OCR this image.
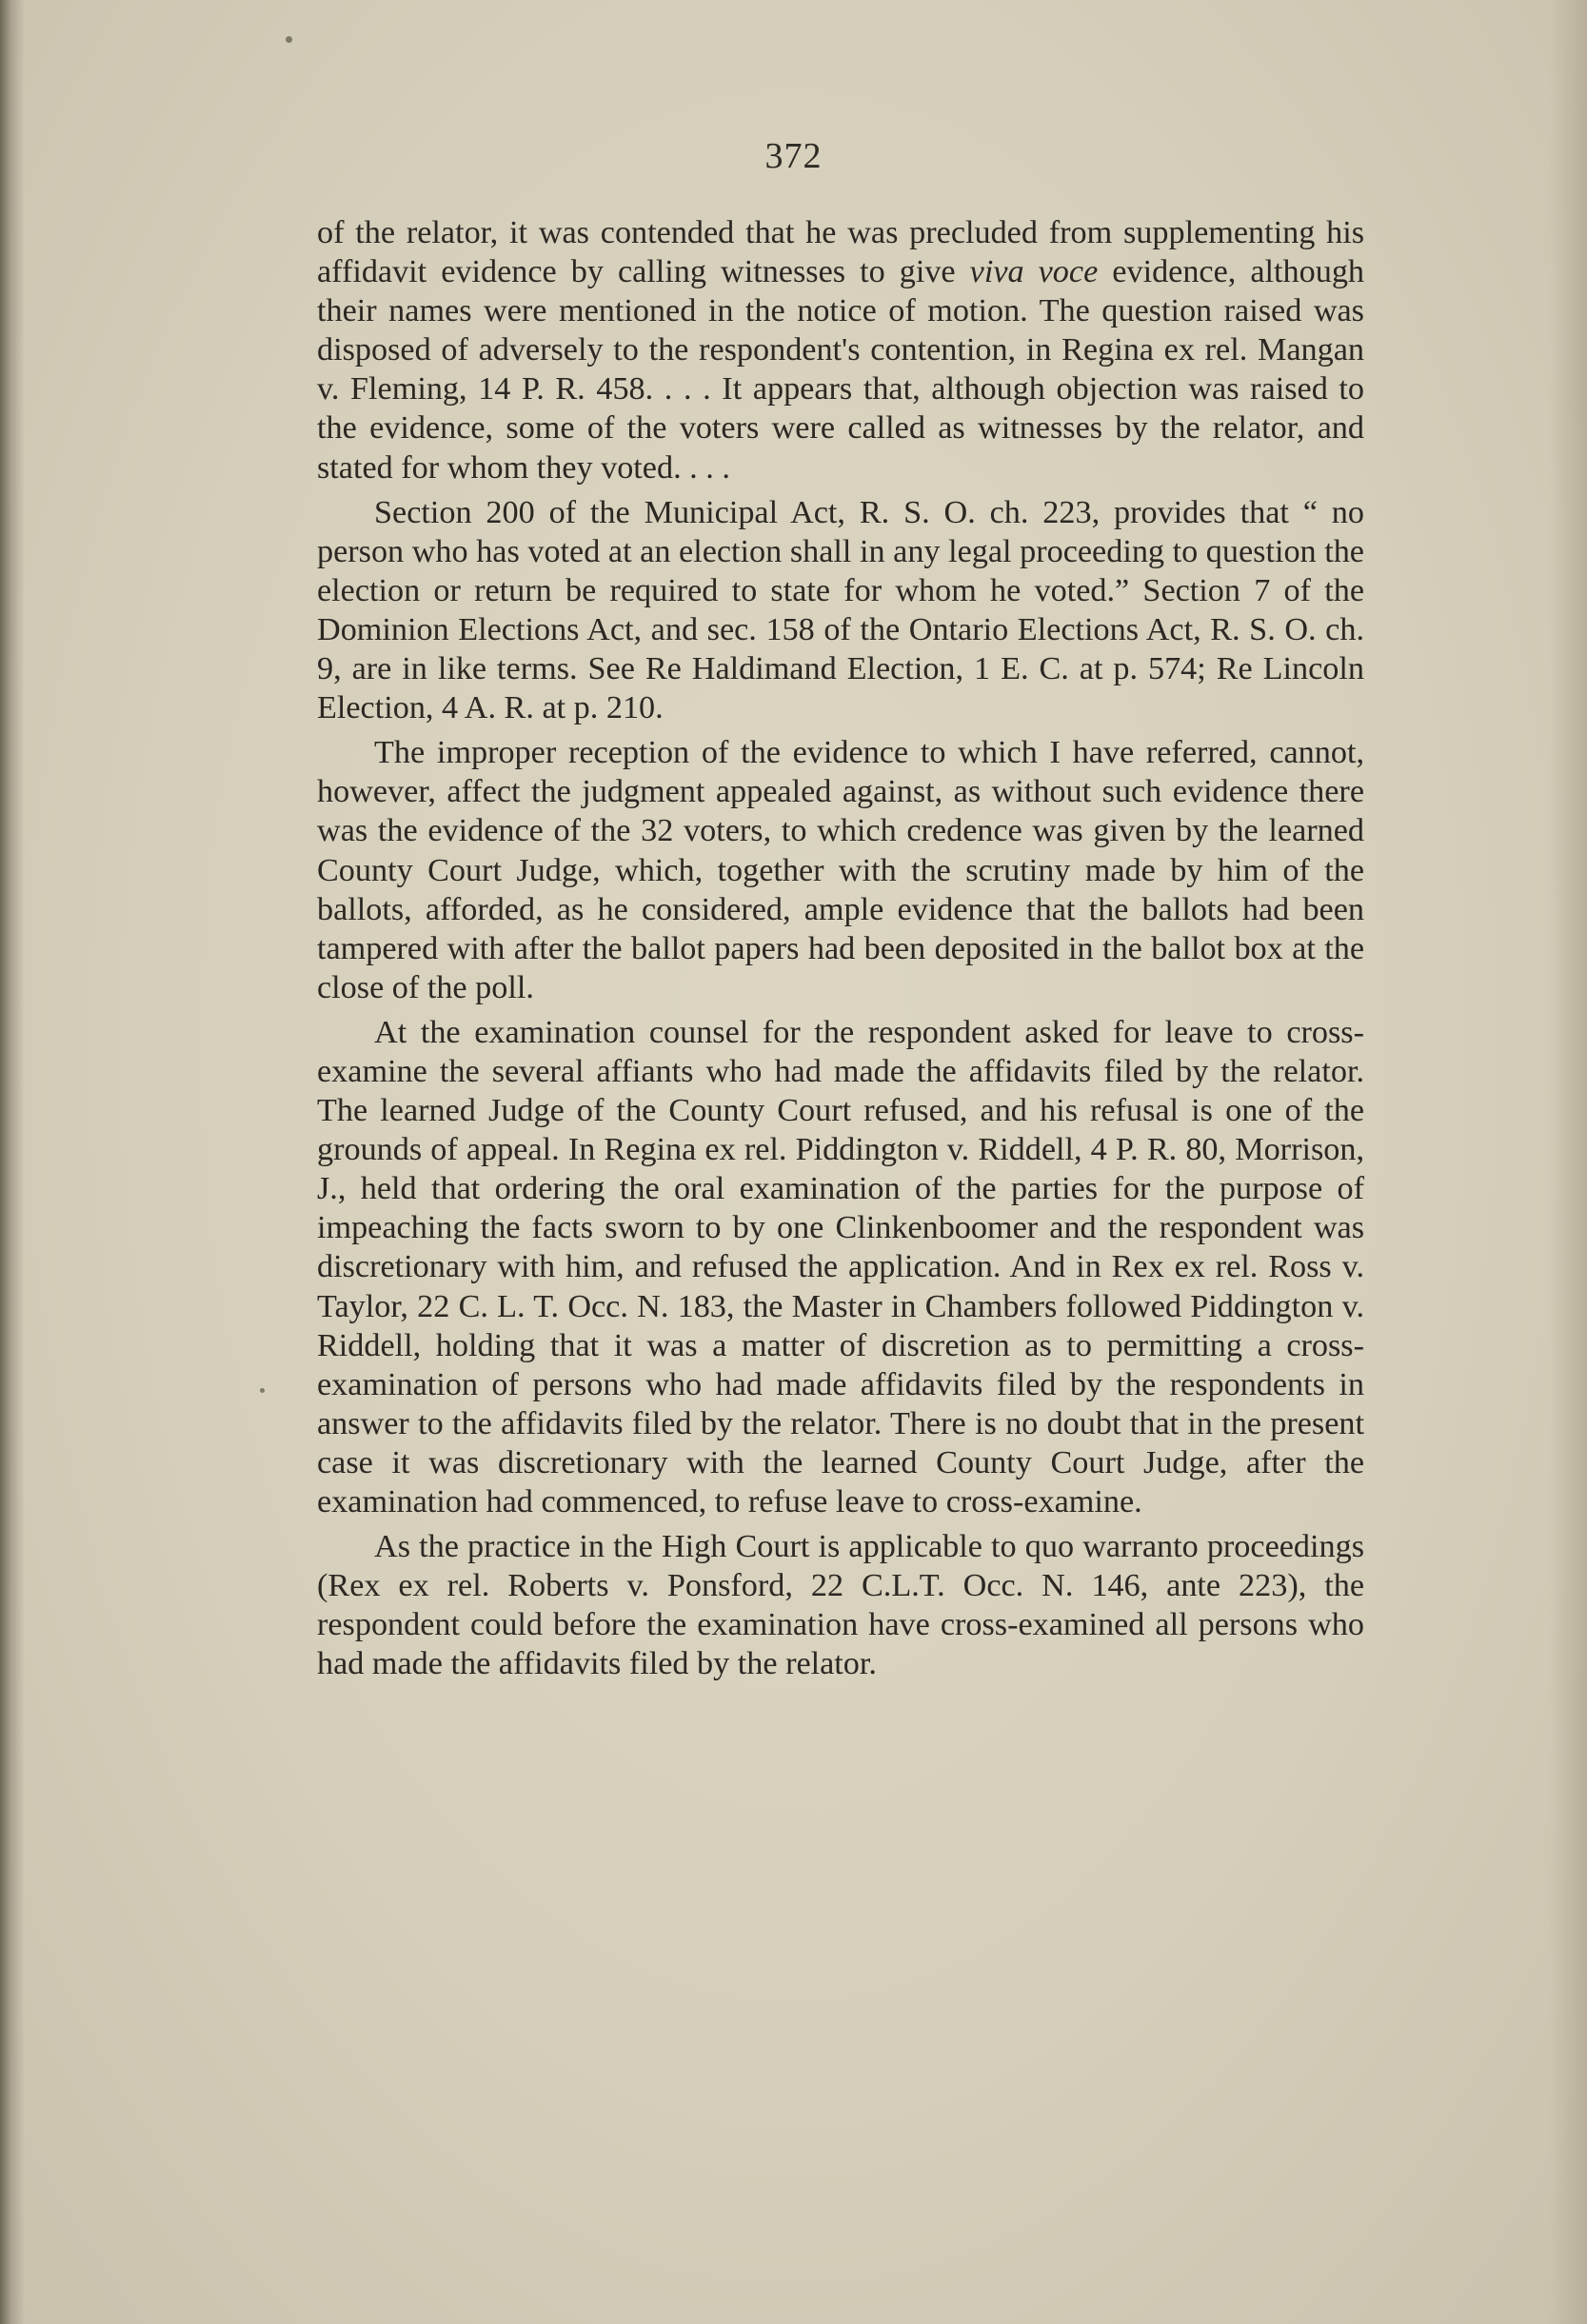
372

of the relator, it was contended that he was precluded from supplementing his affidavit evidence by calling witnesses to give viva voce evidence, although their names were mentioned in the notice of motion. The question raised was disposed of adversely to the respondent's contention, in Regina ex rel. Mangan v. Fleming, 14 P. R. 458. . . . It appears that, although objection was raised to the evidence, some of the voters were called as witnesses by the relator, and stated for whom they voted. . . .

Section 200 of the Municipal Act, R. S. O. ch. 223, provides that “ no person who has voted at an election shall in any legal proceeding to question the election or return be required to state for whom he voted.” Section 7 of the Dominion Elections Act, and sec. 158 of the Ontario Elections Act, R. S. O. ch. 9, are in like terms. See Re Haldimand Election, 1 E. C. at p. 574; Re Lincoln Election, 4 A. R. at p. 210.

The improper reception of the evidence to which I have referred, cannot, however, affect the judgment appealed against, as without such evidence there was the evidence of the 32 voters, to which credence was given by the learned County Court Judge, which, together with the scrutiny made by him of the ballots, afforded, as he considered, ample evidence that the ballots had been tampered with after the ballot papers had been deposited in the ballot box at the close of the poll.

At the examination counsel for the respondent asked for leave to cross-examine the several affiants who had made the affidavits filed by the relator. The learned Judge of the County Court refused, and his refusal is one of the grounds of appeal. In Regina ex rel. Piddington v. Riddell, 4 P. R. 80, Morrison, J., held that ordering the oral examination of the parties for the purpose of impeaching the facts sworn to by one Clinkenboomer and the respondent was discretionary with him, and refused the application. And in Rex ex rel. Ross v. Taylor, 22 C. L. T. Occ. N. 183, the Master in Chambers followed Piddington v. Riddell, holding that it was a matter of discretion as to permitting a cross-examination of persons who had made affidavits filed by the respondents in answer to the affidavits filed by the relator. There is no doubt that in the present case it was discretionary with the learned County Court Judge, after the examination had commenced, to refuse leave to cross-examine.

As the practice in the High Court is applicable to quo warranto proceedings (Rex ex rel. Roberts v. Ponsford, 22 C.L.T. Occ. N. 146, ante 223), the respondent could before the examination have cross-examined all persons who had made the affidavits filed by the relator.
